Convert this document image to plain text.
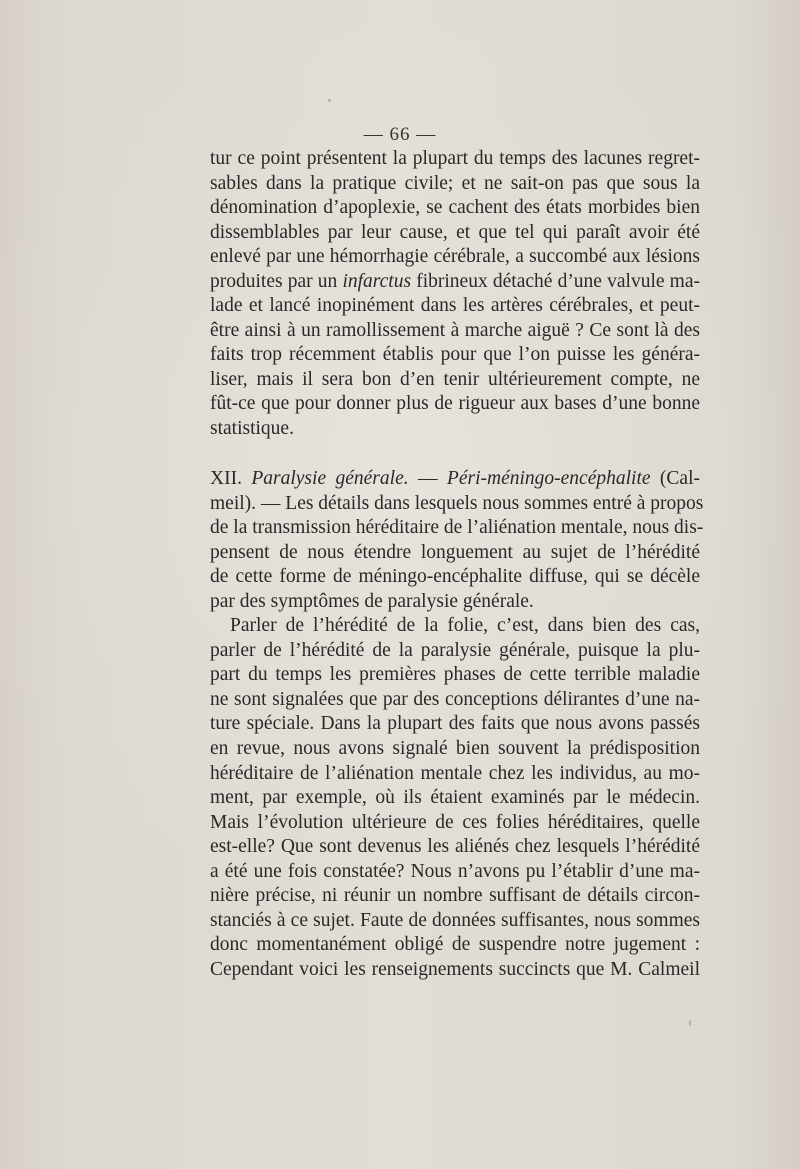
— 66 —
tur ce point présentent la plupart du temps des lacunes regret-
sables dans la pratique civile; et ne sait-on pas que sous la
dénomination d’apoplexie, se cachent des états morbides bien
dissemblables par leur cause, et que tel qui paraît avoir été
enlevé par une hémorrhagie cérébrale, a succombé aux lésions
produites par un infarctus fibrineux détaché d’une valvule ma-
lade et lancé inopinément dans les artères cérébrales, et peut-
être ainsi à un ramollissement à marche aiguë ? Ce sont là des
faits trop récemment établis pour que l’on puisse les généra-
liser, mais il sera bon d’en tenir ultérieurement compte, ne
fût-ce que pour donner plus de rigueur aux bases d’une bonne
statistique.
XII. Paralysie générale. — Péri-méningo-encéphalite (Cal-
meil). — Les détails dans lesquels nous sommes entré à propos
de la transmission héréditaire de l’aliénation mentale, nous dis-
pensent de nous étendre longuement au sujet de l’hérédité
de cette forme de méningo-encéphalite diffuse, qui se décèle
par des symptômes de paralysie générale.
Parler de l’hérédité de la folie, c’est, dans bien des cas,
parler de l’hérédité de la paralysie générale, puisque la plu-
part du temps les premières phases de cette terrible maladie
ne sont signalées que par des conceptions délirantes d’une na-
ture spéciale. Dans la plupart des faits que nous avons passés
en revue, nous avons signalé bien souvent la prédisposition
héréditaire de l’aliénation mentale chez les individus, au mo-
ment, par exemple, où ils étaient examinés par le médecin.
Mais l’évolution ultérieure de ces folies héréditaires, quelle
est-elle? Que sont devenus les aliénés chez lesquels l’hérédité
a été une fois constatée? Nous n’avons pu l’établir d’une ma-
nière précise, ni réunir un nombre suffisant de détails circon-
stanciés à ce sujet. Faute de données suffisantes, nous sommes
donc momentanément obligé de suspendre notre jugement :
Cependant voici les renseignements succincts que M. Calmeil
